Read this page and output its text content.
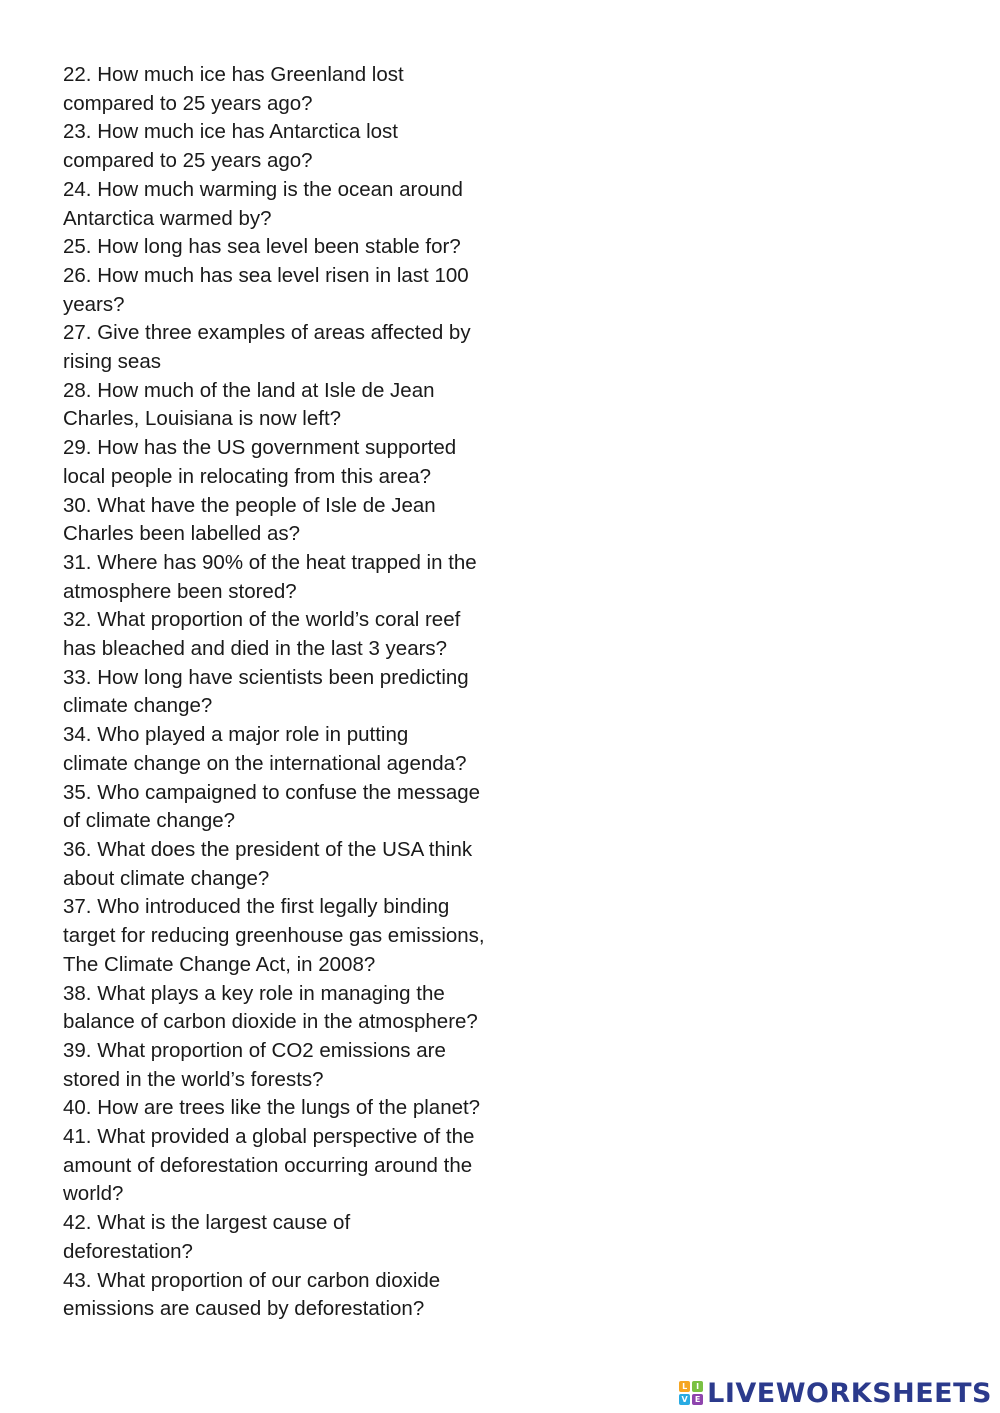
22. How much ice has Greenland lost
compared to 25 years ago?
23. How much ice has Antarctica lost
compared to 25 years ago?
24. How much warming is the ocean around
Antarctica warmed by?
25. How long has sea level been stable for?
26. How much has sea level risen in last 100
years?
27. Give three examples of areas affected by
rising seas
28. How much of the land at Isle de Jean
Charles, Louisiana is now left?
29. How has the US government supported
local people in relocating from this area?
30. What have the people of Isle de Jean
Charles been labelled as?
31. Where has 90% of the heat trapped in the
atmosphere been stored?
32. What proportion of the world’s coral reef
has bleached and died in the last 3 years?
33. How long have scientists been predicting
climate change?
34. Who played a major role in putting
climate change on the international agenda?
35. Who campaigned to confuse the message
of climate change?
36. What does the president of the USA think
about climate change?
37. Who introduced the first legally binding
target for reducing greenhouse gas emissions,
The Climate Change Act, in 2008?
38. What plays a key role in managing the
balance of carbon dioxide in the atmosphere?
39. What proportion of CO2 emissions are
stored in the world’s forests?
40. How are trees like the lungs of the planet?
41. What provided a global perspective of the
amount of deforestation occurring around the
world?
42. What is the largest cause of
deforestation?
43. What proportion of our carbon dioxide
emissions are caused by deforestation?
L	I
V E LIVEWORKSHEETS
